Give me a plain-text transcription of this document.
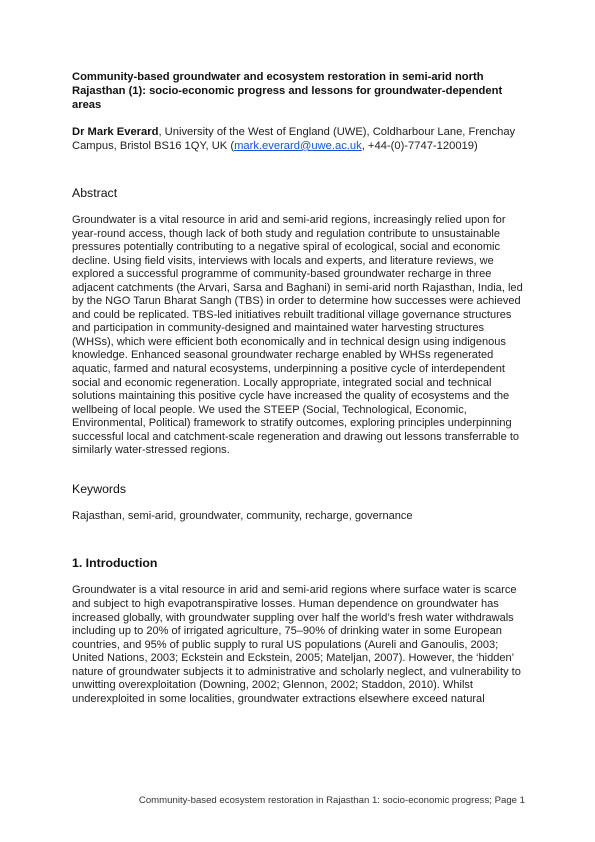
Community-based groundwater and ecosystem restoration in semi-arid north Rajasthan (1): socio-economic progress and lessons for groundwater-dependent areas

Dr Mark Everard, University of the West of England (UWE), Coldharbour Lane, Frenchay Campus, Bristol BS16 1QY, UK (mark.everard@uwe.ac.uk, +44-(0)-7747-120019)

Abstract

Groundwater is a vital resource in arid and semi-arid regions, increasingly relied upon for year-round access, though lack of both study and regulation contribute to unsustainable pressures potentially contributing to a negative spiral of ecological, social and economic decline. Using field visits, interviews with locals and experts, and literature reviews, we explored a successful programme of community-based groundwater recharge in three adjacent catchments (the Arvari, Sarsa and Baghani) in semi-arid north Rajasthan, India, led by the NGO Tarun Bharat Sangh (TBS) in order to determine how successes were achieved and could be replicated. TBS-led initiatives rebuilt traditional village governance structures and participation in community-designed and maintained water harvesting structures (WHSs), which were efficient both economically and in technical design using indigenous knowledge. Enhanced seasonal groundwater recharge enabled by WHSs regenerated aquatic, farmed and natural ecosystems, underpinning a positive cycle of interdependent social and economic regeneration. Locally appropriate, integrated social and technical solutions maintaining this positive cycle have increased the quality of ecosystems and the wellbeing of local people. We used the STEEP (Social, Technological, Economic, Environmental, Political) framework to stratify outcomes, exploring principles underpinning successful local and catchment-scale regeneration and drawing out lessons transferrable to similarly water-stressed regions.

Keywords

Rajasthan, semi-arid, groundwater, community, recharge, governance

1. Introduction

Groundwater is a vital resource in arid and semi-arid regions where surface water is scarce and subject to high evapotranspirative losses. Human dependence on groundwater has increased globally, with groundwater suppling over half the world’s fresh water withdrawals including up to 20% of irrigated agriculture, 75–90% of drinking water in some European countries, and 95% of public supply to rural US populations (Aureli and Ganoulis, 2003; United Nations, 2003; Eckstein and Eckstein, 2005; Mateljan, 2007). However, the ‘hidden’ nature of groundwater subjects it to administrative and scholarly neglect, and vulnerability to unwitting overexploitation (Downing, 2002; Glennon, 2002; Staddon, 2010). Whilst underexploited in some localities, groundwater extractions elsewhere exceed natural

Community-based ecosystem restoration in Rajasthan 1: socio-economic progress; Page 1
